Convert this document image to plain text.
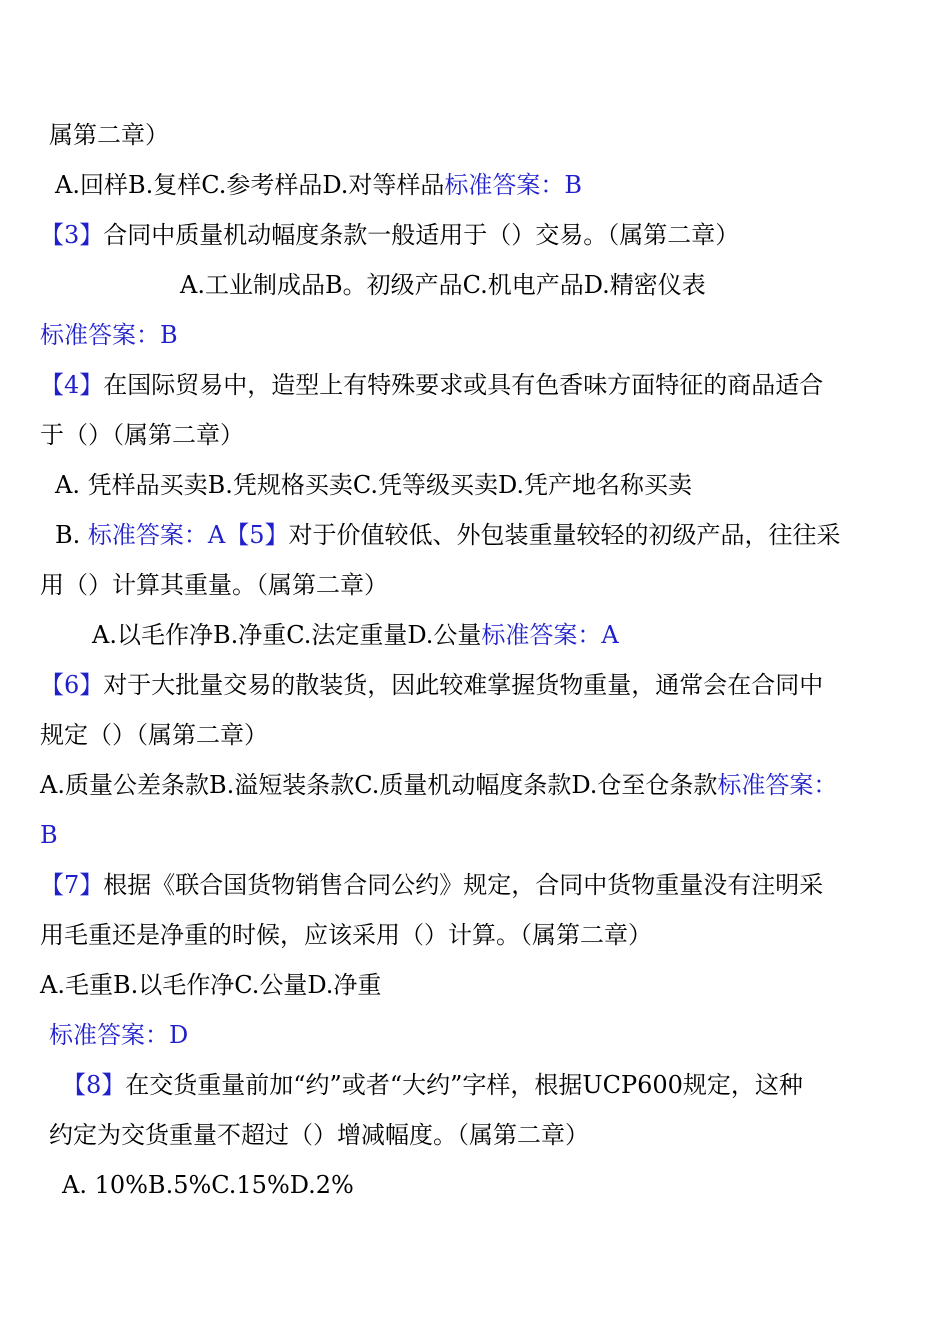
属第二章）
A.回样B.复样C.参考样品D.对等样品标准答案：B
【3】合同中质量机动幅度条款一般适用于（）交易。（属第二章）
A.工业制成品B。初级产品C.机电产品D.精密仪表
标准答案：B
【4】在国际贸易中，造型上有特殊要求或具有色香味方面特征的商品适合
于（）（属第二章）
A. 凭样品买卖B.凭规格买卖C.凭等级买卖D.凭产地名称买卖
B. 标准答案：A【5】对于价值较低、外包装重量较轻的初级产品，往往采
用（）计算其重量。（属第二章）
A.以毛作净B.净重C.法定重量D.公量标准答案：A
【6】对于大批量交易的散装货，因此较难掌握货物重量，通常会在合同中
规定（）（属第二章）
A.质量公差条款B.溢短装条款C.质量机动幅度条款D.仓至仓条款标准答案：
B
【7】根据《联合国货物销售合同公约》规定，合同中货物重量没有注明采
用毛重还是净重的时候，应该采用（）计算。（属第二章）
A.毛重B.以毛作净C.公量D.净重
标准答案：D
【8】在交货重量前加“约”或者“大约”字样，根据UCP600规定，这种
约定为交货重量不超过（）增减幅度。（属第二章）
A. 10%B.5%C.15%D.2%
